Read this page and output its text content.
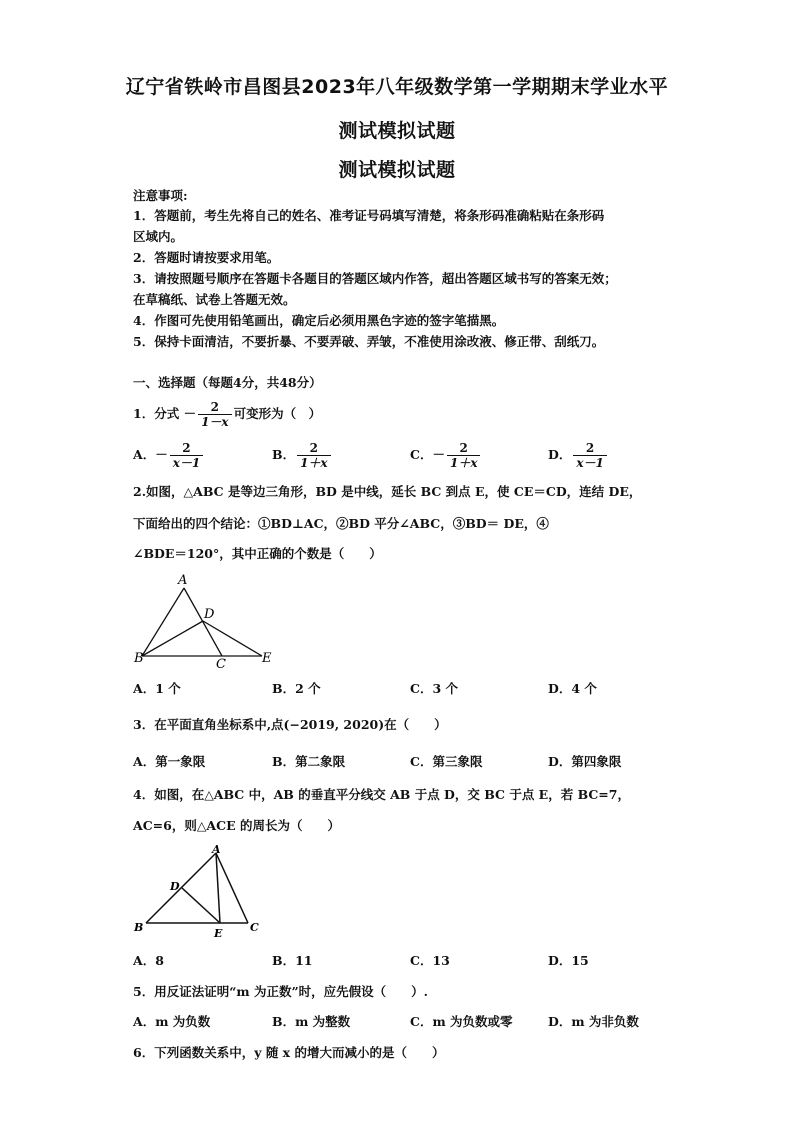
辽宁省铁岭市昌图县2023年八年级数学第一学期期末学业水平
测试模拟试题
测试模拟试题
注意事项:
1．答题前，考生先将自己的姓名、准考证号码填写清楚，将条形码准确粘贴在条形码
区域内。
2．答题时请按要求用笔。
3．请按照题号顺序在答题卡各题目的答题区域内作答，超出答题区域书写的答案无效；
在草稿纸、试卷上答题无效。
4．作图可先使用铅笔画出，确定后必须用黑色字迹的签字笔描黑。
5．保持卡面清洁，不要折暴、不要弄破、弄皱，不准使用涂改液、修正带、刮纸刀。
一、选择题（每题4分，共48分）
1．分式 － $\frac{2}{1-x}$ 可变形为（　）
A．－ $\frac{2}{x-1}$	B． $\frac{2}{1+x}$	C．－ $\frac{2}{1+x}$	D． $\frac{2}{x-1}$
2.如图，△ABC 是等边三角形，BD 是中线，延长 BC 到点 E，使 CE＝CD，连结 DE，
下面给出的四个结论：①BD⊥AC，②BD 平分∠ABC，③BD＝ DE，④
∠BDE＝120°，其中正确的个数是（　　）
A
B	C
D
E
A．1 个	B．2 个	C．3 个	D．4 个
3．在平面直角坐标系中,点(−2019, 2020)在（　　）
A．第一象限	B．第二象限	C．第三象限	D．第四象限
4．如图，在△ABC 中，AB 的垂直平分线交 AB 于点 D，交 BC 于点 E，若 BC=7，
AC=6，则△ACE 的周长为（　　）
A
B	C
D
E
A．8	B．11	C．13	D．15
5．用反证法证明“m 为正数”时，应先假设（　　）.
A．m 为负数	B．m 为整数	C．m 为负数或零	D．m 为非负数
6．下列函数关系中，y 随 x 的增大而减小的是（　　）
